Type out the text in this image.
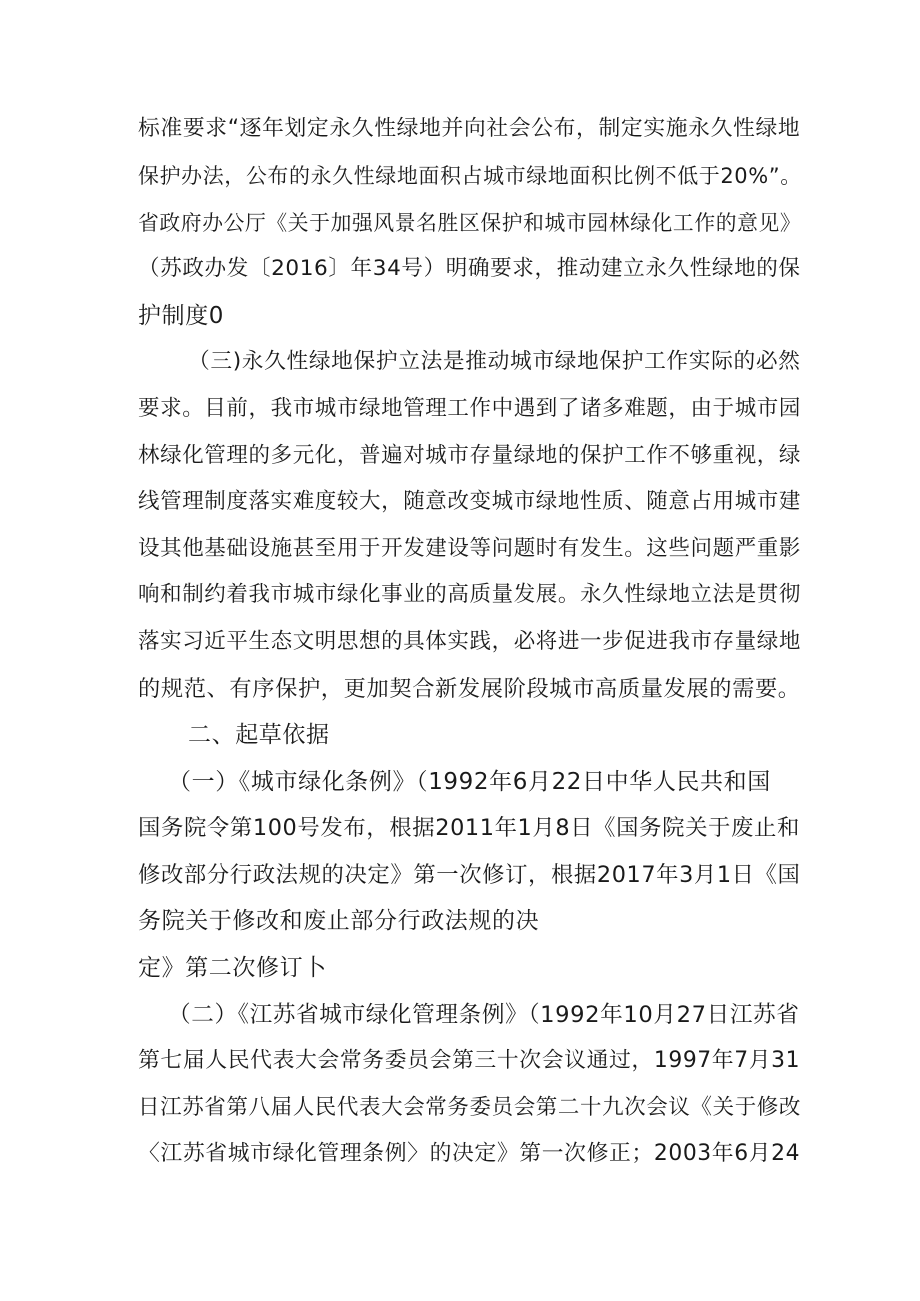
标准要求“逐年划定永久性绿地并向社会公布，制定实施永久性绿地
保护办法，公布的永久性绿地面积占城市绿地面积比例不低于20%”。
省政府办公厅《关于加强风景名胜区保护和城市园林绿化工作的意见》
（苏政办发〔2016〕年34号）明确要求，推动建立永久性绿地的保
护制度0
（三)永久性绿地保护立法是推动城市绿地保护工作实际的必然
要求。目前，我市城市绿地管理工作中遇到了诸多难题，由于城市园
林绿化管理的多元化，普遍对城市存量绿地的保护工作不够重视，绿
线管理制度落实难度较大，随意改变城市绿地性质、随意占用城市建
设其他基础设施甚至用于开发建设等问题时有发生。这些问题严重影
响和制约着我市城市绿化事业的高质量发展。永久性绿地立法是贯彻
落实习近平生态文明思想的具体实践，必将进一步促进我市存量绿地
的规范、有序保护，更加契合新发展阶段城市高质量发展的需要。
二、起草依据
（一）《城市绿化条例》（1992年6月22日中华人民共和国
国务院令第100号发布，根据2011年1月8日《国务院关于废止和
修改部分行政法规的决定》第一次修订，根据2017年3月1日《国
务院关于修改和废止部分行政法规的决
定》第二次修订卜
（二）《江苏省城市绿化管理条例》（1992年10月27日江苏省
第七届人民代表大会常务委员会第三十次会议通过，1997年7月31
日江苏省第八届人民代表大会常务委员会第二十九次会议《关于修改
〈江苏省城市绿化管理条例〉的决定》第一次修正；2003年6月24
